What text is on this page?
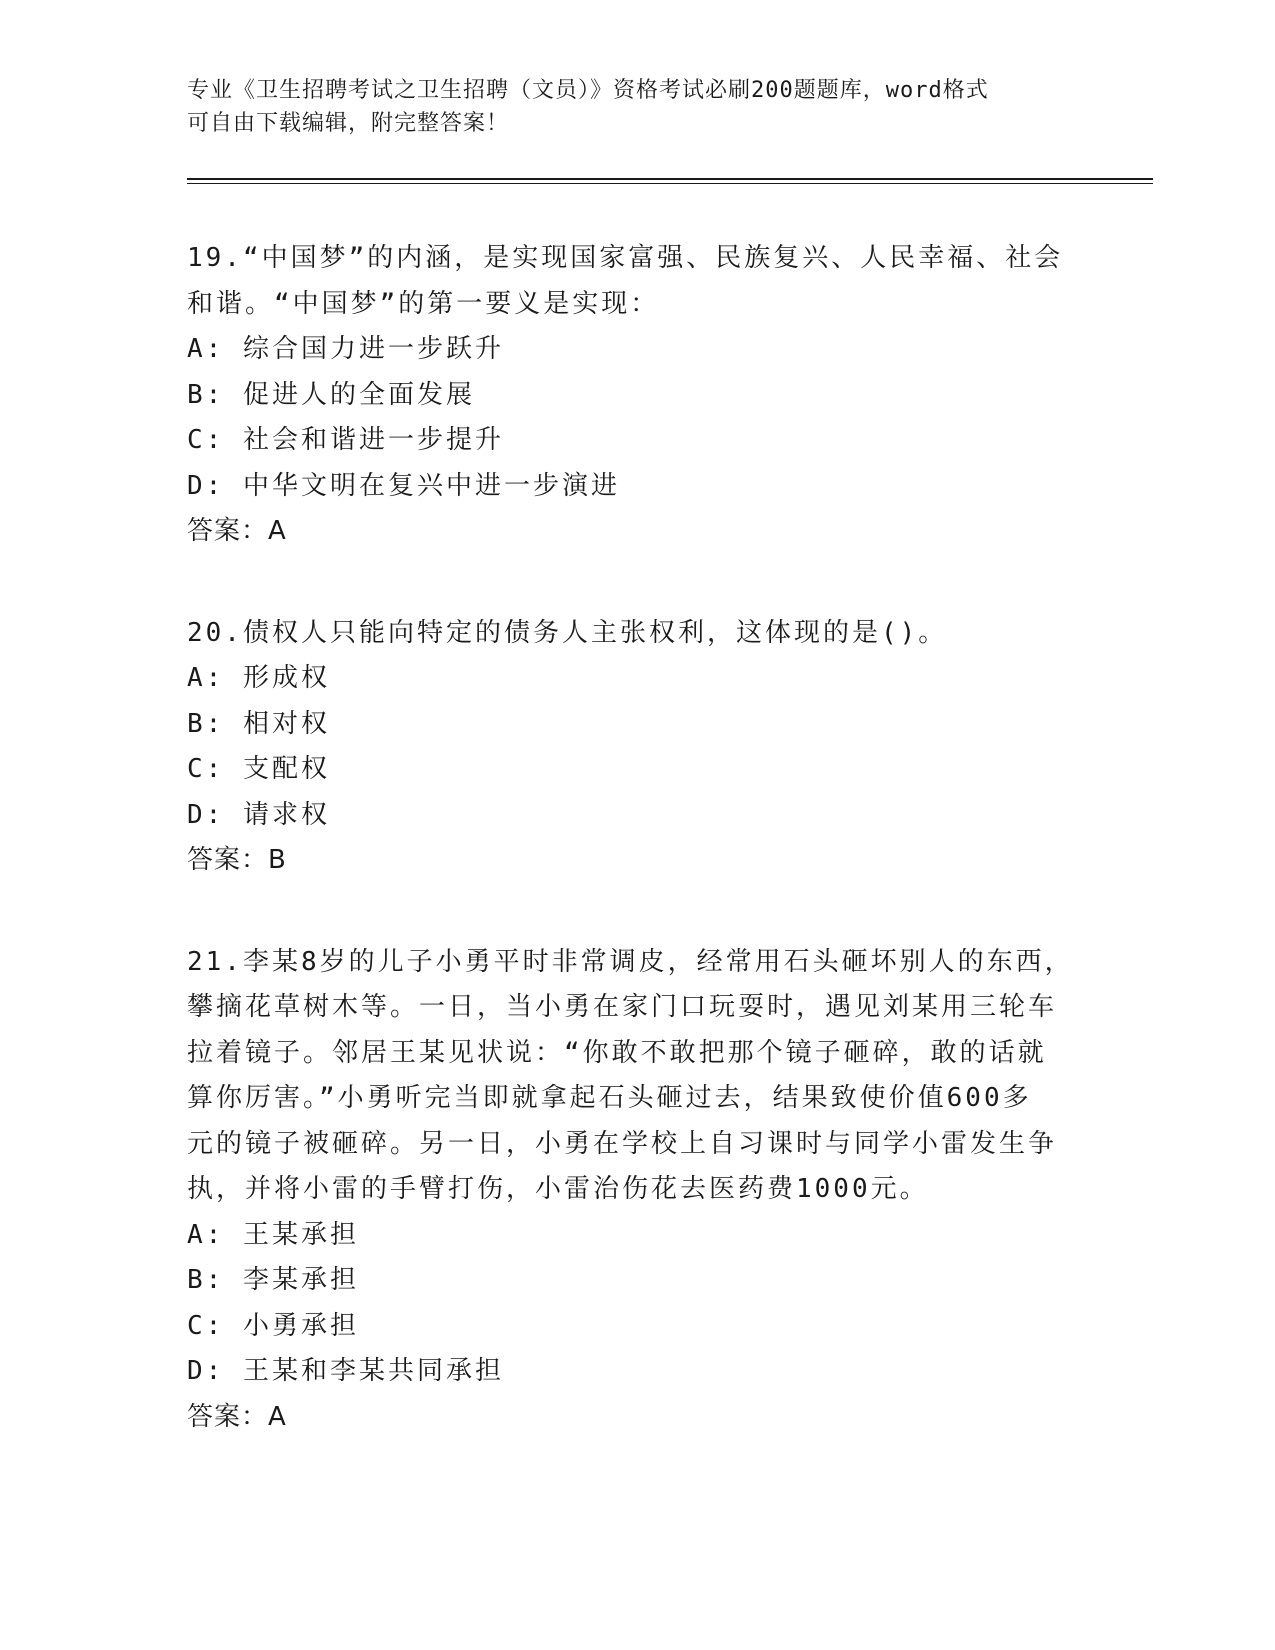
专业《卫生招聘考试之卫生招聘（文员）》资格考试必刷200题题库，word格式
可自由下载编辑，附完整答案！
19.“中国梦”的内涵，是实现国家富强、民族复兴、人民幸福、社会
和谐。“中国梦”的第一要义是实现：
A: 综合国力进一步跃升
B: 促进人的全面发展
C: 社会和谐进一步提升
D: 中华文明在复兴中进一步演进
答案：A
20.债权人只能向特定的债务人主张权利，这体现的是()。
A: 形成权
B: 相对权
C: 支配权
D: 请求权
答案：B
21.李某8岁的儿子小勇平时非常调皮，经常用石头砸坏别人的东西，
攀摘花草树木等。一日，当小勇在家门口玩耍时，遇见刘某用三轮车
拉着镜子。邻居王某见状说：“你敢不敢把那个镜子砸碎，敢的话就
算你厉害。”小勇听完当即就拿起石头砸过去，结果致使价值600多
元的镜子被砸碎。另一日，小勇在学校上自习课时与同学小雷发生争
执，并将小雷的手臂打伤，小雷治伤花去医药费1000元。
A: 王某承担
B: 李某承担
C: 小勇承担
D: 王某和李某共同承担
答案：A
